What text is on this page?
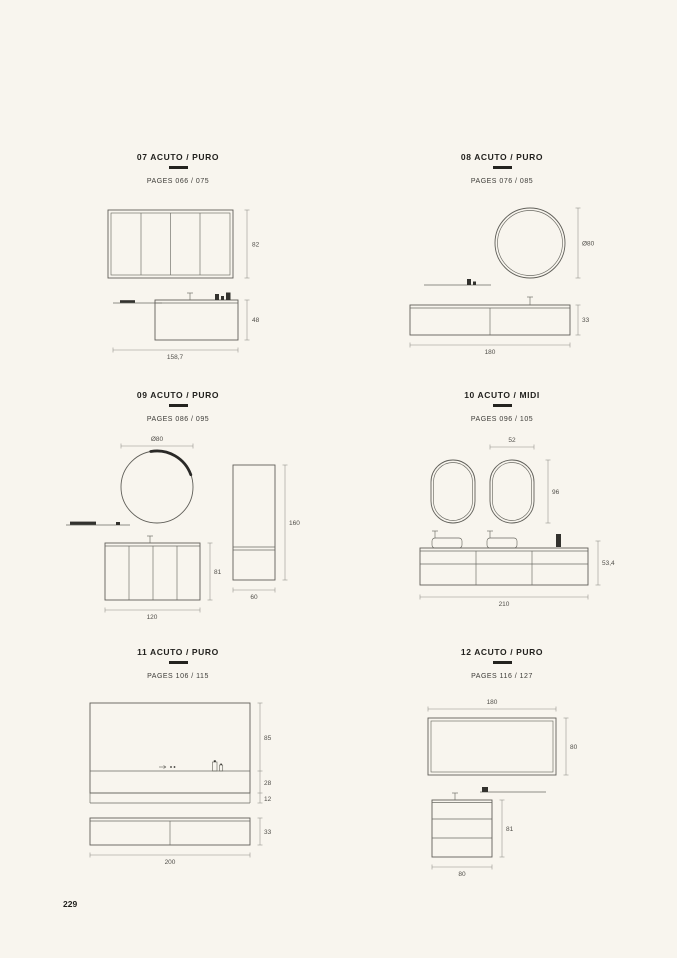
07 ACUTO / PURO
PAGES 066 / 075
82
48
158,7
08 ACUTO / PURO
PAGES 076 / 085
Ø80
33
180
09 ACUTO / PURO
PAGES 086 / 095
Ø80
81
120
160
60
10 ACUTO / MIDI
PAGES 096 / 105
52
96
53,4
210
11 ACUTO / PURO
PAGES 106 / 115
85
28
12
33
200
12 ACUTO / PURO
PAGES 116 / 127
180
80
81
80
229
